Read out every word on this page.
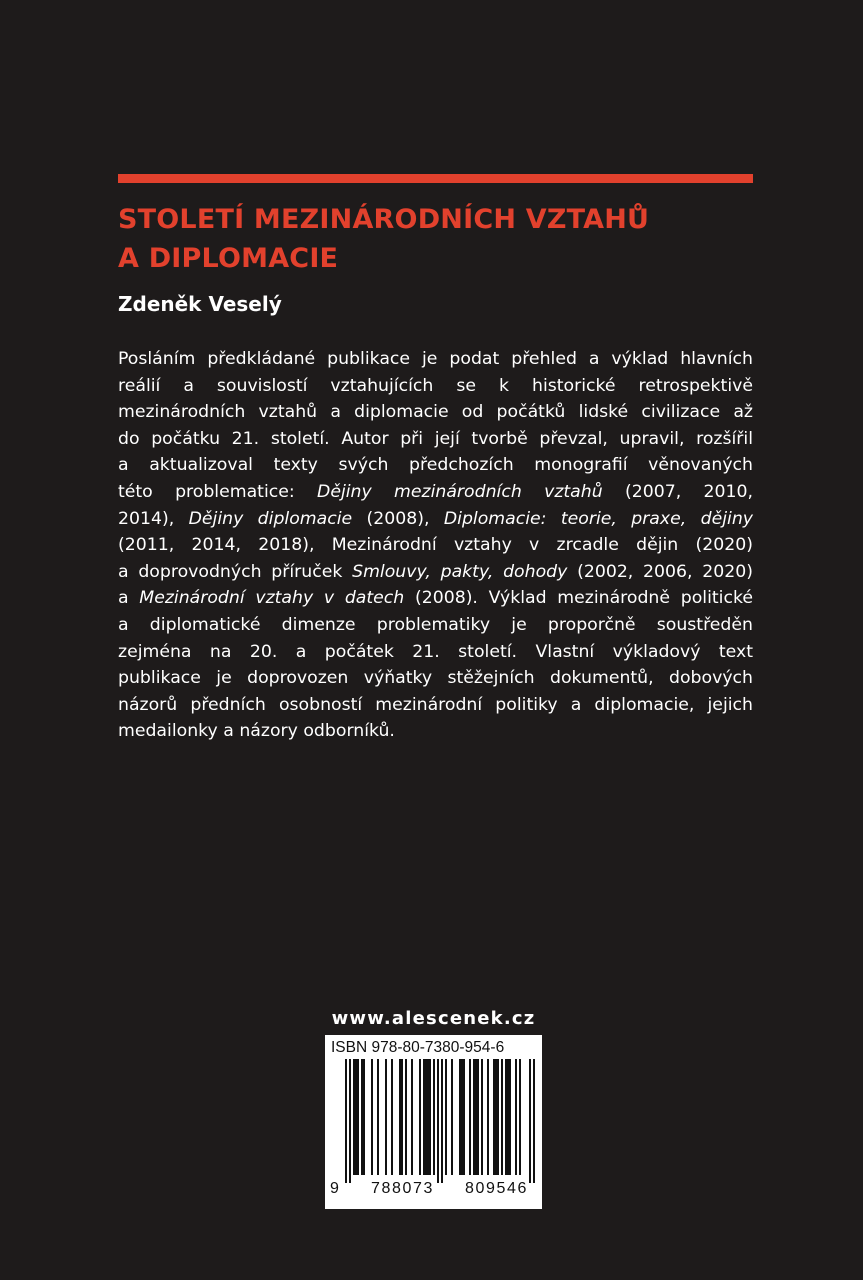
STOLETÍ MEZINÁRODNÍCH VZTAHŮ
A DIPLOMACIE

Zdeněk Veselý

Posláním předkládané publikace je podat přehled a výklad hlavních
reálií a souvislostí vztahujících se k historické retrospektivě
mezinárodních vztahů a diplomacie od počátků lidské civilizace až
do počátku 21. století. Autor při její tvorbě převzal, upravil, rozšířil
a aktualizoval texty svých předchozích monografií věnovaných
této problematice: Dějiny mezinárodních vztahů (2007, 2010,
2014), Dějiny diplomacie (2008), Diplomacie: teorie, praxe, dějiny
(2011, 2014, 2018), Mezinárodní vztahy v zrcadle dějin (2020)
a doprovodných příruček Smlouvy, pakty, dohody (2002, 2006, 2020)
a Mezinárodní vztahy v datech (2008). Výklad mezinárodně politické
a diplomatické dimenze problematiky je proporčně soustředěn
zejména na 20. a počátek 21. století. Vlastní výkladový text
publikace je doprovozen výňatky stěžejních dokumentů, dobových
názorů předních osobností mezinárodní politiky a diplomacie, jejich
medailonky a názory odborníků.

www.alescenek.cz
ISBN 978-80-7380-954-6
9 788073 809546
